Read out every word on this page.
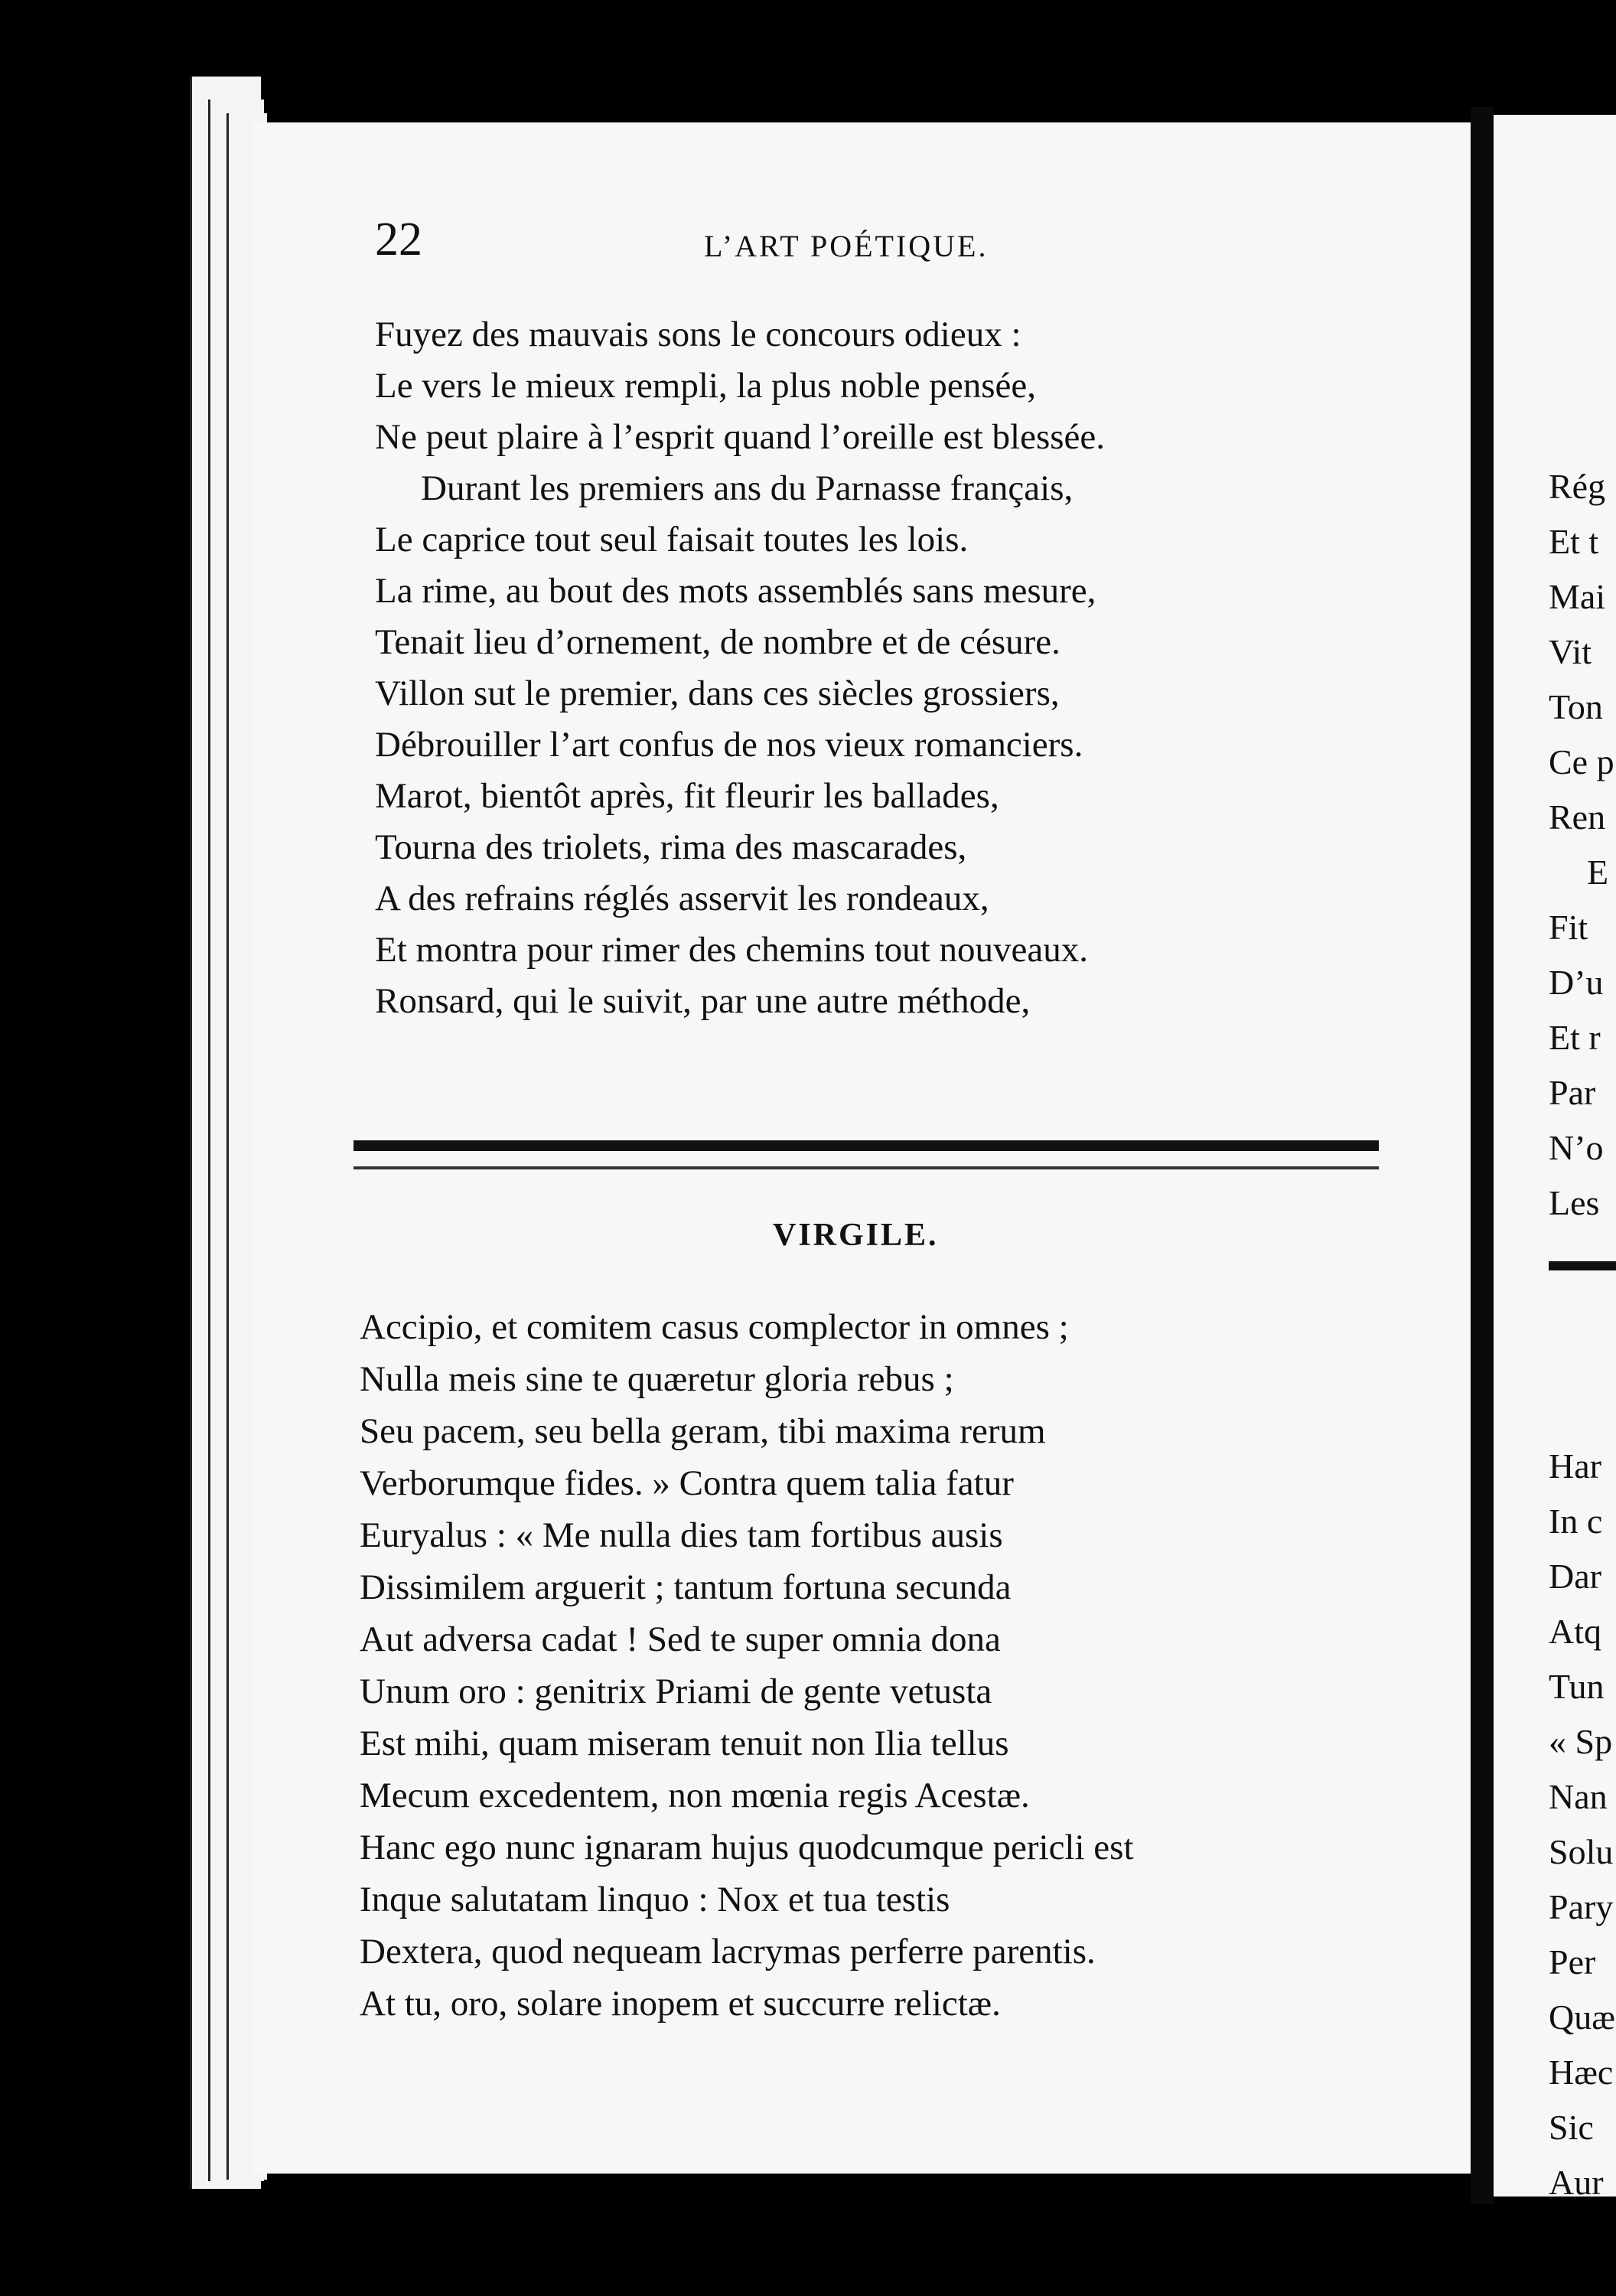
22	L’ART POÉTIQUE.
Fuyez des mauvais sons le concours odieux :
Le vers le mieux rempli, la plus noble pensée,
Ne peut plaire à l’esprit quand l’oreille est blessée.
Durant les premiers ans du Parnasse français,
Le caprice tout seul faisait toutes les lois.
La rime, au bout des mots assemblés sans mesure,
Tenait lieu d’ornement, de nombre et de césure.
Villon sut le premier, dans ces siècles grossiers,
Débrouiller l’art confus de nos vieux romanciers.
Marot, bientôt après, fit fleurir les ballades,
Tourna des triolets, rima des mascarades,
A des refrains réglés asservit les rondeaux,
Et montra pour rimer des chemins tout nouveaux.
Ronsard, qui le suivit, par une autre méthode,
VIRGILE.
Accipio, et comitem casus complector in omnes ;
Nulla meis sine te quæretur gloria rebus ;
Seu pacem, seu bella geram, tibi maxima rerum
Verborumque fides. » Contra quem talia fatur
Euryalus : « Me nulla dies tam fortibus ausis
Dissimilem arguerit ; tantum fortuna secunda
Aut adversa cadat ! Sed te super omnia dona
Unum oro : genitrix Priami de gente vetusta
Est mihi, quam miseram tenuit non Ilia tellus
Mecum excedentem, non mœnia regis Acestæ.
Hanc ego nunc ignaram hujus quodcumque pericli est
Inque salutatam linquo : Nox et tua testis
Dextera, quod nequeam lacrymas perferre parentis.
At tu, oro, solare inopem et succurre relictæ.
Rég
Et t
Mai
Vit
Ton
Ce p
Ren
E
Fit
D’u
Et r
Par
N’o
Les
Har
In c
Dar
Atq
Tun
« Sp
Nan
Solu
Pary
Per
Quæ
Hæc
Sic
Aur
